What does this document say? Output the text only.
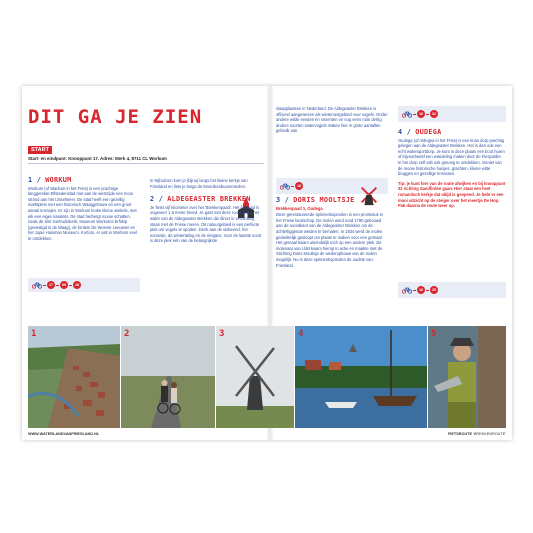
DIT GA JE ZIEN
START
Start- en eindpunt: Knooppunt 17. Adres: Merk 4, 8711 CL Workum
17	09	18
1 / WORKUM

Workum (of Warkum in het Fries) is een prachtige langgerekte Elfstedenstad met aan de westzijde een mooi strand aan het IJsselmeer. De stad heeft een gezellig marktplein met een historisch Waaggebouw en een groot aantal terrasjes. Er zijn in Workum leuke kleine winkels, met elk een eigen karakter. De stad herbergt mooie schatten, zoals de Sint Gertrudiskerk, Museum Workums Erfskip (gevestigd in de Waag), de fontein De Woeste Leeuwen en het Jopie Huisman Museum. Kortom, er valt in Workum veel te ontdekken.

In Nijhuizum kom je (bijna) langs het kleine kerkje van Friesland en fiets je langs de Monnikenbuurenmolen.

2 / ALDEGEASTER BREKKEN

Je fietst vijf kilometer over het 'Brekkenpaad'. Het fietspad is ongeveer 1,5 meter breed. Je gaat met deze route langs het water van de Aldegeaster Brekken die direct in verbinding staan met de Friese meren. Dit natuurgebied is een perfecte plek om vogels te spotten. Denk aan de slobeend, het nonnetje, de wintertaling en de rietgans. Voor de laatste soort is deze plek één van de belangrijkste

slaapplaatsen in Nederland. De Aldegeaster Brekken is officieel aangewezen als winterrustgebied voor vogels. Onder andere wilde eenden en smienten en nog eens ruim dertig andere soorten watervogels maken hier in grote aantallen gebruik van.

18
3 / DORIS MOOLTSJE

Brekkenpaad 1, Oudega

Deze gerestaureerde spinnenkopmolen is een pronkstuk in het Friese landschap. De molen werd rond 1790 gebouwd aan de noordkant van de Aldegeaster Brekken om de achterliggende weiden te bemalen. In 1934 werd de molen gedeeltelijk gesloopt om plaats te maken voor een gemaal. Het gemaal kwam uiteindelijk toch op een andere plek. De molenaar van Uilst kwam hierop in actie en maakte met de Stichting Doris Mooltsje de wederopbouw van de molen mogelijk. Nu is deze spinnenkopmolen de oudste van Friesland.

10	32
4 / OUDEGA

Oudega (of Aldegea in het Fries) is een knus dorp prachtig gelegen aan de Aldegeaster Brekken. Het is dan ook een echt watersportdorp. Je kunt in deze plaats een boot huren of bijvoorbeeld een wandeling maken door de Fiespolder. In het dorp zelf valt ook genoeg te ontdekken. Geniet van de mooie historische huisjes, grachten, kleine witte bruggen en gezellige terrassen.

Tip: je kunt hier van de route afwijken en bij knooppunt 32 richting Sandfirden gaan. Hier staat een heel romantisch kerkje dat altijd is geopend. Je hebt er een mooi uitzicht op de steiger over het meertje De Hop. Pak daarna de route weer op.

10	35
1	2	3	4	5
WWW.WATERLANDVANFRIESLAND.NL	FIETSROUTE 'BREKKENROUTE'
